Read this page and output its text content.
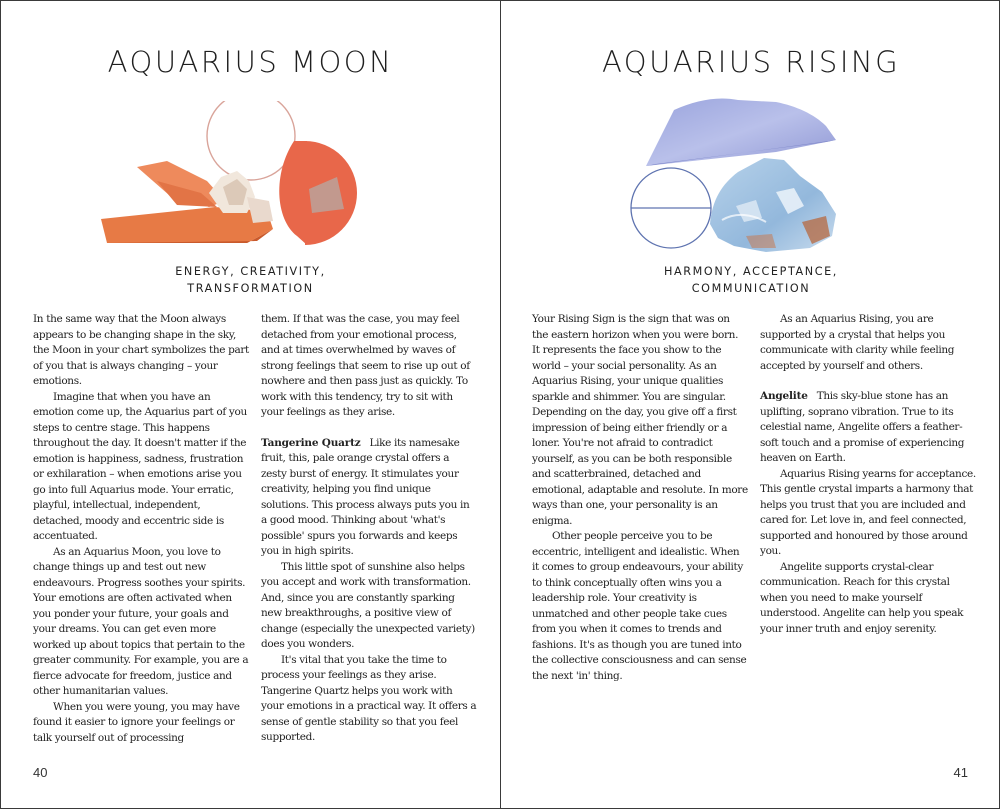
AQUARIUS MOON
ENERGY, CREATIVITY,
TRANSFORMATION

In the same way that the Moon always appears to be changing shape in the sky, the Moon in your chart symbolizes the part of you that is always changing – your emotions.

Imagine that when you have an emotion come up, the Aquarius part of you steps to centre stage. This happens throughout the day. It doesn't matter if the emotion is happiness, sadness, frustration or exhilaration – when emotions arise you go into full Aquarius mode. Your erratic, playful, intellectual, independent, detached, moody and eccentric side is accentuated.

As an Aquarius Moon, you love to change things up and test out new endeavours. Progress soothes your spirits. Your emotions are often activated when you ponder your future, your goals and your dreams. You can get even more worked up about topics that pertain to the greater community. For example, you are a fierce advocate for freedom, justice and other humanitarian values.

When you were young, you may have found it easier to ignore your feelings or talk yourself out of processing

them. If that was the case, you may feel detached from your emotional process, and at times overwhelmed by waves of strong feelings that seem to rise up out of nowhere and then pass just as quickly. To work with this tendency, try to sit with your feelings as they arise.

Tangerine Quartz Like its namesake fruit, this, pale orange crystal offers a zesty burst of energy. It stimulates your creativity, helping you find unique solutions. This process always puts you in a good mood. Thinking about 'what's possible' spurs you forwards and keeps you in high spirits.

This little spot of sunshine also helps you accept and work with transformation. And, since you are constantly sparking new breakthroughs, a positive view of change (especially the unexpected variety) does you wonders.

It's vital that you take the time to process your feelings as they arise. Tangerine Quartz helps you work with your emotions in a practical way. It offers a sense of gentle stability so that you feel supported.

40
AQUARIUS RISING
HARMONY, ACCEPTANCE,
COMMUNICATION

Your Rising Sign is the sign that was on the eastern horizon when you were born. It represents the face you show to the world – your social personality. As an Aquarius Rising, your unique qualities sparkle and shimmer. You are singular. Depending on the day, you give off a first impression of being either friendly or a loner. You're not afraid to contradict yourself, as you can be both responsible and scatterbrained, detached and emotional, adaptable and resolute. In more ways than one, your personality is an enigma.

Other people perceive you to be eccentric, intelligent and idealistic. When it comes to group endeavours, your ability to think conceptually often wins you a leadership role. Your creativity is unmatched and other people take cues from you when it comes to trends and fashions. It's as though you are tuned into the collective consciousness and can sense the next 'in' thing.

As an Aquarius Rising, you are supported by a crystal that helps you communicate with clarity while feeling accepted by yourself and others.

Angelite This sky-blue stone has an uplifting, soprano vibration. True to its celestial name, Angelite offers a feather-soft touch and a promise of experiencing heaven on Earth.

Aquarius Rising yearns for acceptance. This gentle crystal imparts a harmony that helps you trust that you are included and cared for. Let love in, and feel connected, supported and honoured by those around you.

Angelite supports crystal-clear communication. Reach for this crystal when you need to make yourself understood. Angelite can help you speak your inner truth and enjoy serenity.

41
